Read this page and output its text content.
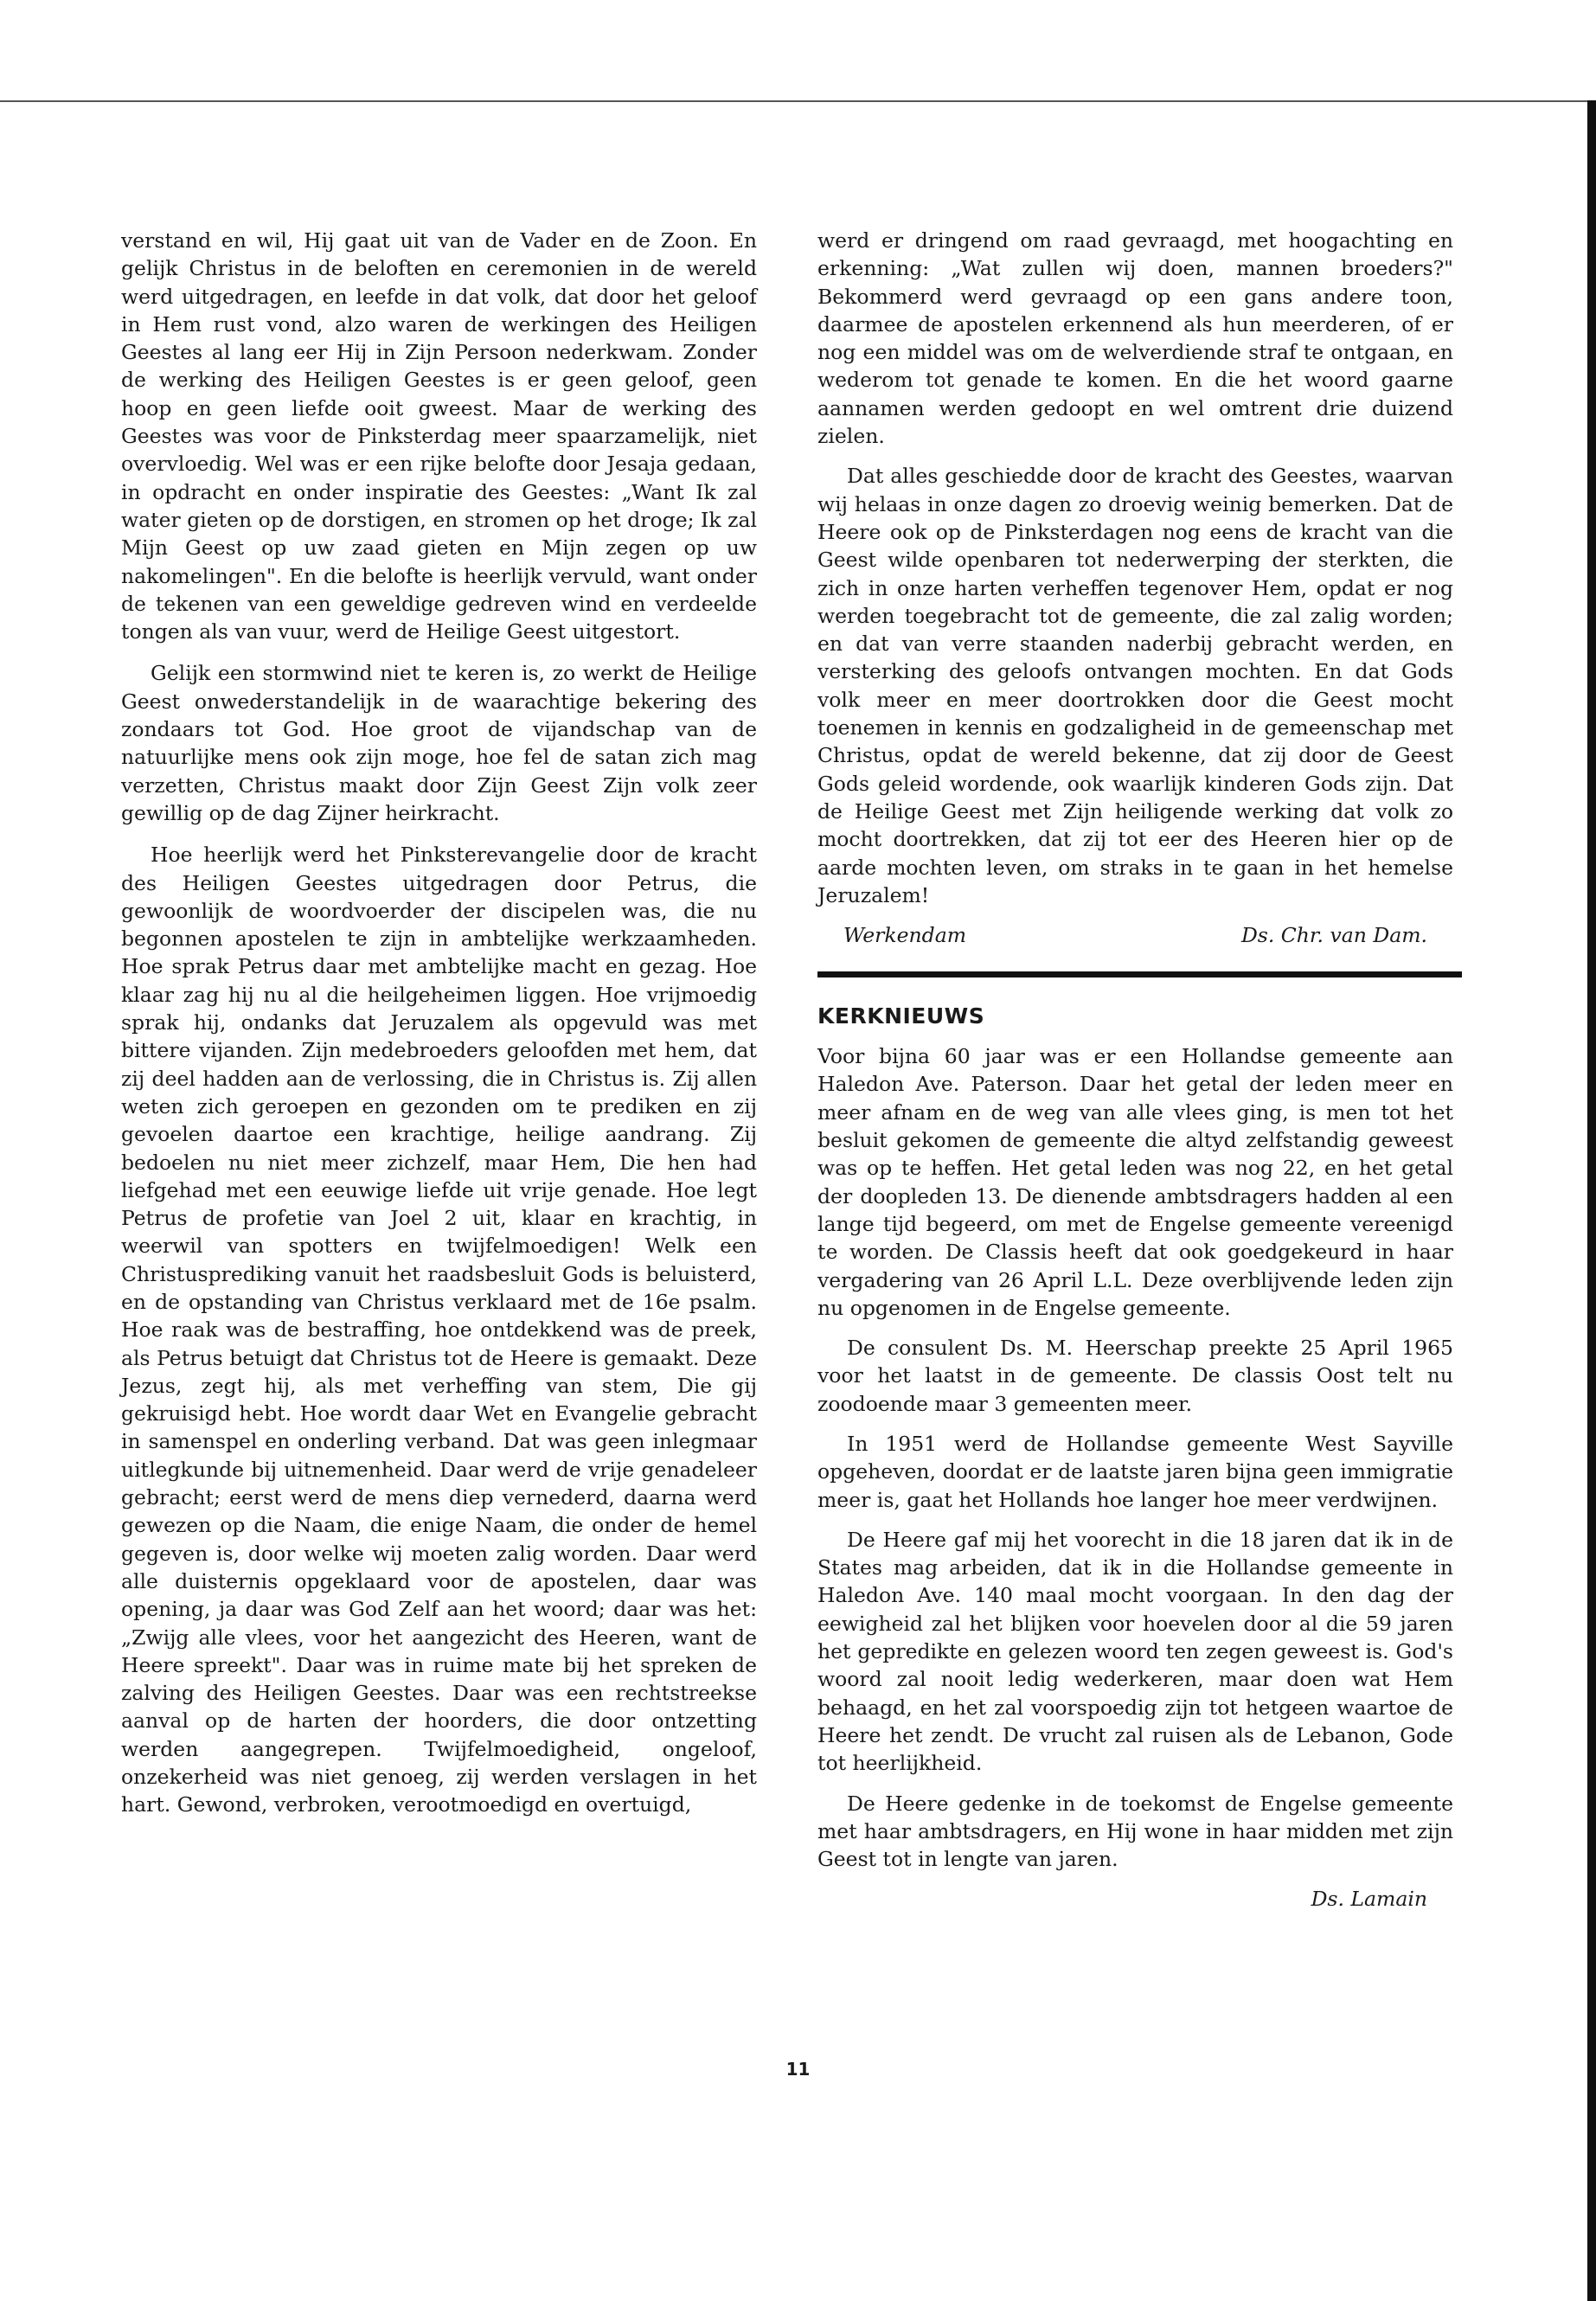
verstand en wil, Hij gaat uit van de Vader en de Zoon. En gelijk Christus in de beloften en ceremonien in de wereld werd uitgedragen, en leefde in dat volk, dat door het geloof in Hem rust vond, alzo waren de werkingen des Heiligen Geestes al lang eer Hij in Zijn Persoon nederkwam. Zonder de werking des Heiligen Geestes is er geen geloof, geen hoop en geen liefde ooit gweest. Maar de werking des Geestes was voor de Pinksterdag meer spaarzamelijk, niet overvloedig. Wel was er een rijke belofte door Jesaja gedaan, in opdracht en onder inspiratie des Geestes: „Want Ik zal water gieten op de dorstigen, en stromen op het droge; Ik zal Mijn Geest op uw zaad gieten en Mijn zegen op uw nakomelingen". En die belofte is heerlijk vervuld, want onder de tekenen van een geweldige gedreven wind en verdeelde tongen als van vuur, werd de Heilige Geest uitgestort.

Gelijk een stormwind niet te keren is, zo werkt de Heilige Geest onwederstandelijk in de waarachtige bekering des zondaars tot God. Hoe groot de vijandschap van de natuurlijke mens ook zijn moge, hoe fel de satan zich mag verzetten, Christus maakt door Zijn Geest Zijn volk zeer gewillig op de dag Zijner heirkracht.

Hoe heerlijk werd het Pinksterevangelie door de kracht des Heiligen Geestes uitgedragen door Petrus, die gewoonlijk de woordvoerder der discipelen was, die nu begonnen apostelen te zijn in ambtelijke werkzaamheden. Hoe sprak Petrus daar met ambtelijke macht en gezag. Hoe klaar zag hij nu al die heilgeheimen liggen. Hoe vrijmoedig sprak hij, ondanks dat Jeruzalem als opgevuld was met bittere vijanden. Zijn medebroeders geloofden met hem, dat zij deel hadden aan de verlossing, die in Christus is. Zij allen weten zich geroepen en gezonden om te prediken en zij gevoelen daartoe een krachtige, heilige aandrang. Zij bedoelen nu niet meer zichzelf, maar Hem, Die hen had liefgehad met een eeuwige liefde uit vrije genade. Hoe legt Petrus de profetie van Joel 2 uit, klaar en krachtig, in weerwil van spotters en twijfelmoedigen! Welk een Christusprediking vanuit het raadsbesluit Gods is beluisterd, en de opstanding van Christus verklaard met de 16e psalm. Hoe raak was de bestraffing, hoe ontdekkend was de preek, als Petrus betuigt dat Christus tot de Heere is gemaakt. Deze Jezus, zegt hij, als met verheffing van stem, Die gij gekruisigd hebt. Hoe wordt daar Wet en Evangelie gebracht in samenspel en onderling verband. Dat was geen inlegmaar uitlegkunde bij uitnemenheid. Daar werd de vrije genadeleer gebracht; eerst werd de mens diep vernederd, daarna werd gewezen op die Naam, die enige Naam, die onder de hemel gegeven is, door welke wij moeten zalig worden. Daar werd alle duisternis opgeklaard voor de apostelen, daar was opening, ja daar was God Zelf aan het woord; daar was het: „Zwijg alle vlees, voor het aangezicht des Heeren, want de Heere spreekt". Daar was in ruime mate bij het spreken de zalving des Heiligen Geestes. Daar was een rechtstreekse aanval op de harten der hoorders, die door ontzetting werden aangegrepen. Twijfelmoedigheid, ongeloof, onzekerheid was niet genoeg, zij werden verslagen in het hart. Gewond, verbroken, verootmoedigd en overtuigd,

werd er dringend om raad gevraagd, met hoogachting en erkenning: „Wat zullen wij doen, mannen broeders?" Bekommerd werd gevraagd op een gans andere toon, daarmee de apostelen erkennend als hun meerderen, of er nog een middel was om de welverdiende straf te ontgaan, en wederom tot genade te komen. En die het woord gaarne aannamen werden gedoopt en wel omtrent drie duizend zielen.

Dat alles geschiedde door de kracht des Geestes, waarvan wij helaas in onze dagen zo droevig weinig bemerken. Dat de Heere ook op de Pinksterdagen nog eens de kracht van die Geest wilde openbaren tot nederwerping der sterkten, die zich in onze harten verheffen tegenover Hem, opdat er nog werden toegebracht tot de gemeente, die zal zalig worden; en dat van verre staanden naderbij gebracht werden, en versterking des geloofs ontvangen mochten. En dat Gods volk meer en meer doortrokken door die Geest mocht toenemen in kennis en godzaligheid in de gemeenschap met Christus, opdat de wereld bekenne, dat zij door de Geest Gods geleid wordende, ook waarlijk kinderen Gods zijn. Dat de Heilige Geest met Zijn heiligende werking dat volk zo mocht doortrekken, dat zij tot eer des Heeren hier op de aarde mochten leven, om straks in te gaan in het hemelse Jeruzalem!

Werkendam	Ds. Chr. van Dam.
KERKNIEUWS

Voor bijna 60 jaar was er een Hollandse gemeente aan Haledon Ave. Paterson. Daar het getal der leden meer en meer afnam en de weg van alle vlees ging, is men tot het besluit gekomen de gemeente die altyd zelfstandig geweest was op te heffen. Het getal leden was nog 22, en het getal der doopleden 13. De dienende ambtsdragers hadden al een lange tijd begeerd, om met de Engelse gemeente vereenigd te worden. De Classis heeft dat ook goedgekeurd in haar vergadering van 26 April L.L. Deze overblijvende leden zijn nu opgenomen in de Engelse gemeente.

De consulent Ds. M. Heerschap preekte 25 April 1965 voor het laatst in de gemeente. De classis Oost telt nu zoodoende maar 3 gemeenten meer.

In 1951 werd de Hollandse gemeente West Sayville opgeheven, doordat er de laatste jaren bijna geen immigratie meer is, gaat het Hollands hoe langer hoe meer verdwijnen.

De Heere gaf mij het voorecht in die 18 jaren dat ik in de States mag arbeiden, dat ik in die Hollandse gemeente in Haledon Ave. 140 maal mocht voorgaan. In den dag der eewigheid zal het blijken voor hoevelen door al die 59 jaren het gepredikte en gelezen woord ten zegen geweest is. God's woord zal nooit ledig wederkeren, maar doen wat Hem behaagd, en het zal voorspoedig zijn tot hetgeen waartoe de Heere het zendt. De vrucht zal ruisen als de Lebanon, Gode tot heerlijkheid.

De Heere gedenke in de toekomst de Engelse gemeente met haar ambtsdragers, en Hij wone in haar midden met zijn Geest tot in lengte van jaren.

Ds. Lamain
11
